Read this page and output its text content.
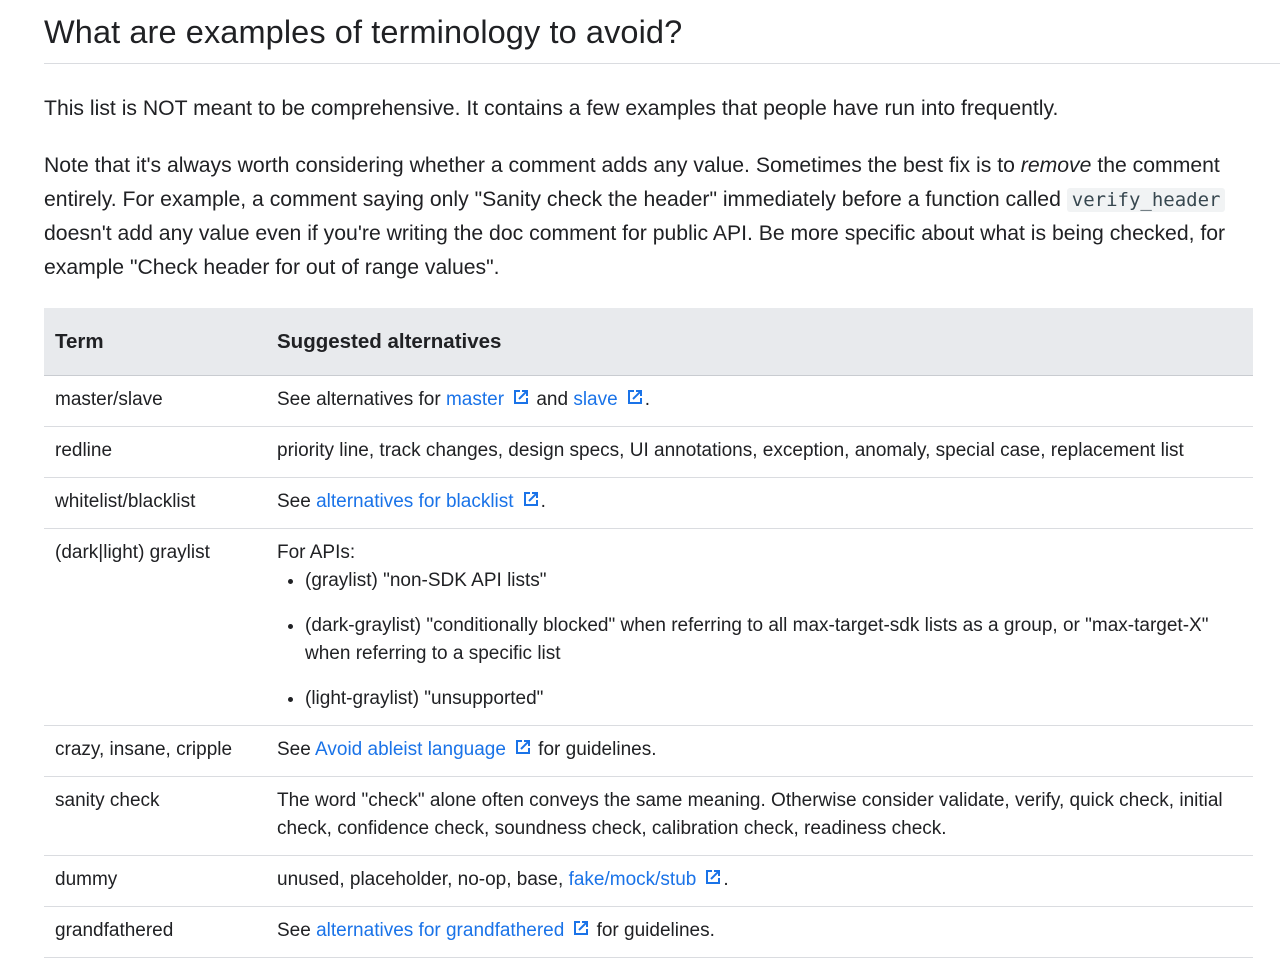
What are examples of terminology to avoid?

This list is NOT meant to be comprehensive. It contains a few examples that people have run into frequently.

Note that it's always worth considering whether a comment adds any value. Sometimes the best fix is to remove the comment entirely. For example, a comment saying only "Sanity check the header" immediately before a function called verify_header doesn't add any value even if you're writing the doc comment for public API. Be more specific about what is being checked, for example "Check header for out of range values".

Term	Suggested alternatives
master/slave	See alternatives for master and slave .
redline	priority line, track changes, design specs, UI annotations, exception, anomaly, special case, replacement list
whitelist/blacklist	See alternatives for blacklist .
(dark|light) graylist	For APIs:
• (graylist) "non-SDK API lists"
• (dark-graylist) "conditionally blocked" when referring to all max-target-sdk lists as a group, or "max-target-X" when referring to a specific list
• (light-graylist) "unsupported"
crazy, insane, cripple	See Avoid ableist language for guidelines.
sanity check	The word "check" alone often conveys the same meaning. Otherwise consider validate, verify, quick check, initial check, confidence check, soundness check, calibration check, readiness check.
dummy	unused, placeholder, no-op, base, fake/mock/stub .
grandfathered	See alternatives for grandfathered for guidelines.
